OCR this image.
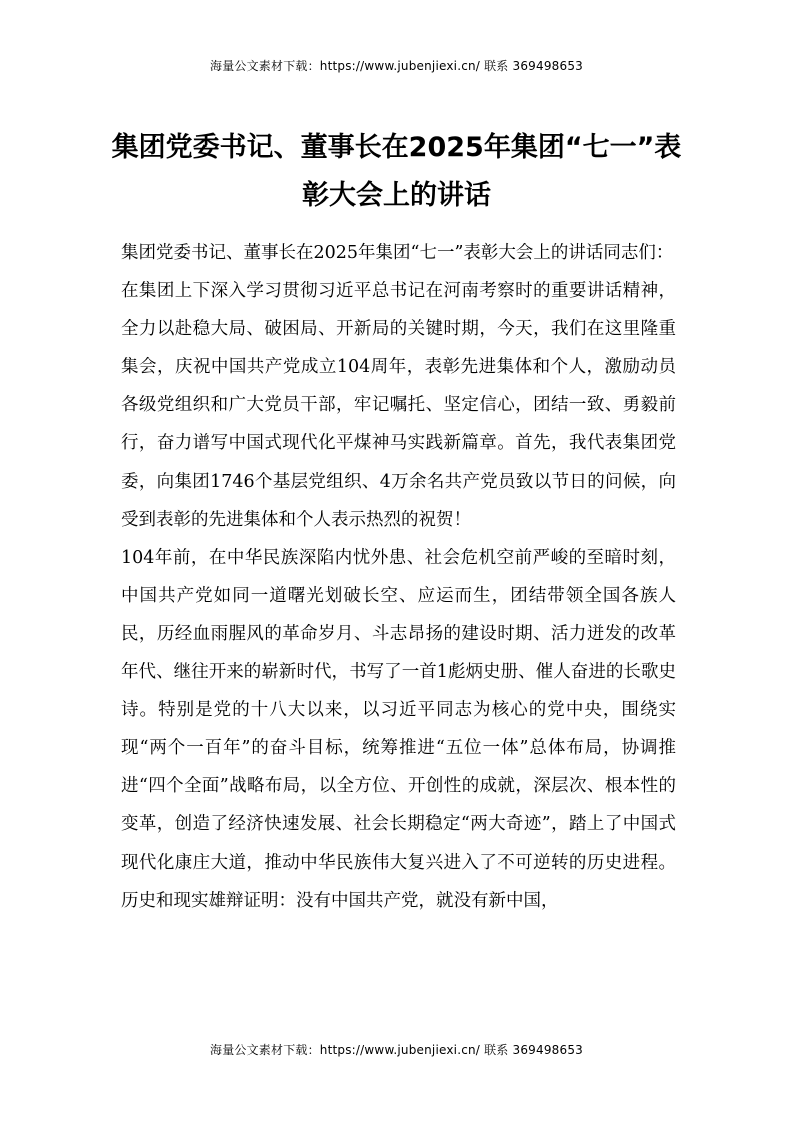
海量公文素材下载：https://www.jubenjiexi.cn/ 联系 369498653
集团党委书记、董事长在2025年集团“七一”表彰大会上的讲话

集团党委书记、董事长在2025年集团“七一”表彰大会上的讲话同志们：

在集团上下深入学习贯彻习近平总书记在河南考察时的重要讲话精神，全力以赴稳大局、破困局、开新局的关键时期，今天，我们在这里隆重集会，庆祝中国共产党成立104周年，表彰先进集体和个人，激励动员各级党组织和广大党员干部，牢记嘱托、坚定信心，团结一致、勇毅前行，奋力谱写中国式现代化平煤神马实践新篇章。首先，我代表集团党委，向集团1746个基层党组织、4万余名共产党员致以节日的问候，向受到表彰的先进集体和个人表示热烈的祝贺！

104年前，在中华民族深陷内忧外患、社会危机空前严峻的至暗时刻，中国共产党如同一道曙光划破长空、应运而生，团结带领全国各族人民，历经血雨腥风的革命岁月、斗志昂扬的建设时期、活力迸发的改革年代、继往开来的崭新时代，书写了一首1彪炳史册、催人奋进的长歌史诗。特别是党的十八大以来，以习近平同志为核心的党中央，围绕实现“两个一百年”的奋斗目标，统筹推进“五位一体”总体布局，协调推进“四个全面”战略布局，以全方位、开创性的成就，深层次、根本性的变革，创造了经济快速发展、社会长期稳定“两大奇迹”，踏上了中国式现代化康庄大道，推动中华民族伟大复兴进入了不可逆转的历史进程。历史和现实雄辩证明：没有中国共产党，就没有新中国，

海量公文素材下载：https://www.jubenjiexi.cn/ 联系 369498653
